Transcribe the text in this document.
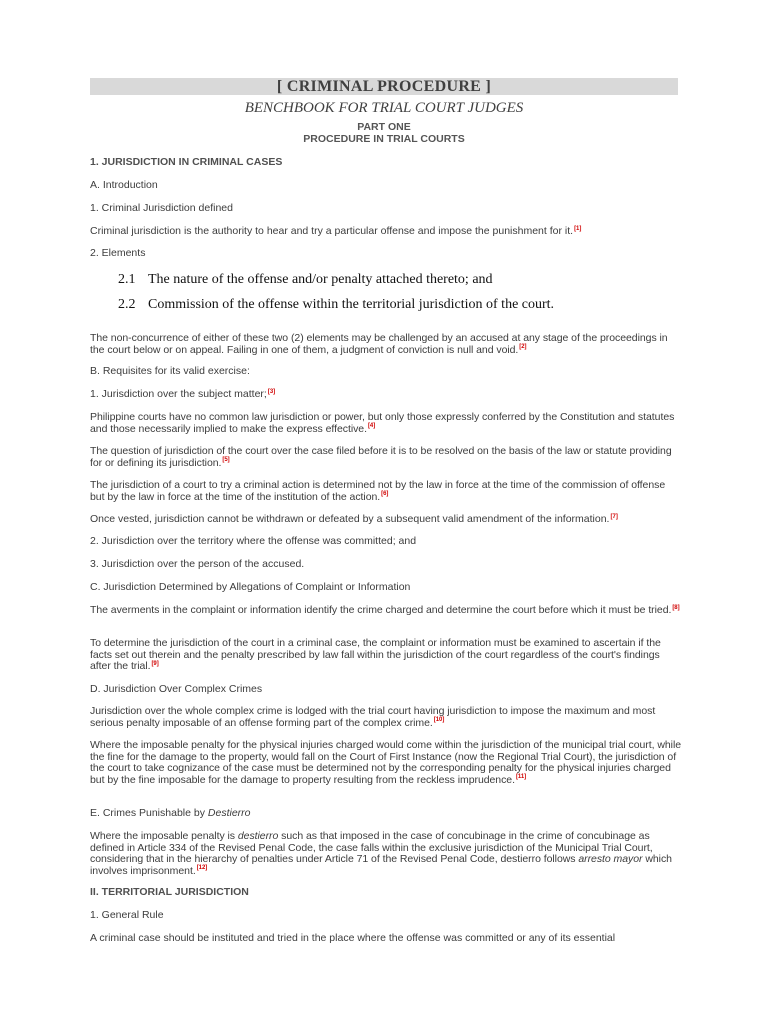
[ CRIMINAL PROCEDURE ]
BENCHBOOK FOR TRIAL COURT JUDGES
PART ONE
PROCEDURE IN TRIAL COURTS
1. JURISDICTION IN CRIMINAL CASES
A. Introduction
1. Criminal Jurisdiction defined
Criminal jurisdiction is the authority to hear and try a particular offense and impose the punishment for it.[1]
2. Elements
2.1 The nature of the offense and/or penalty attached thereto; and
2.2 Commission of the offense within the territorial jurisdiction of the court.
The non-concurrence of either of these two (2) elements may be challenged by an accused at any stage of the proceedings in the court below or on appeal. Failing in one of them, a judgment of conviction is null and void.[2]
B. Requisites for its valid exercise:
1. Jurisdiction over the subject matter;[3]
Philippine courts have no common law jurisdiction or power, but only those expressly conferred by the Constitution and statutes and those necessarily implied to make the express effective.[4]
The question of jurisdiction of the court over the case filed before it is to be resolved on the basis of the law or statute providing for or defining its jurisdiction.[5]
The jurisdiction of a court to try a criminal action is determined not by the law in force at the time of the commission of offense but by the law in force at the time of the institution of the action.[6]
Once vested, jurisdiction cannot be withdrawn or defeated by a subsequent valid amendment of the information.[7]
2. Jurisdiction over the territory where the offense was committed; and
3. Jurisdiction over the person of the accused.
C. Jurisdiction Determined by Allegations of Complaint or Information
The averments in the complaint or information identify the crime charged and determine the court before which it must be tried.[8]
To determine the jurisdiction of the court in a criminal case, the complaint or information must be examined to ascertain if the facts set out therein and the penalty prescribed by law fall within the jurisdiction of the court regardless of the court's findings after the trial.[9]
D. Jurisdiction Over Complex Crimes
Jurisdiction over the whole complex crime is lodged with the trial court having jurisdiction to impose the maximum and most serious penalty imposable of an offense forming part of the complex crime.[10]
Where the imposable penalty for the physical injuries charged would come within the jurisdiction of the municipal trial court, while the fine for the damage to the property, would fall on the Court of First Instance (now the Regional Trial Court), the jurisdiction of the court to take cognizance of the case must be determined not by the corresponding penalty for the physical injuries charged but by the fine imposable for the damage to property resulting from the reckless imprudence.[11]
E. Crimes Punishable by Destierro
Where the imposable penalty is destierro such as that imposed in the case of concubinage in the crime of concubinage as defined in Article 334 of the Revised Penal Code, the case falls within the exclusive jurisdiction of the Municipal Trial Court, considering that in the hierarchy of penalties under Article 71 of the Revised Penal Code, destierro follows arresto mayor which involves imprisonment.[12]
II. TERRITORIAL JURISDICTION
1. General Rule
A criminal case should be instituted and tried in the place where the offense was committed or any of its essential
